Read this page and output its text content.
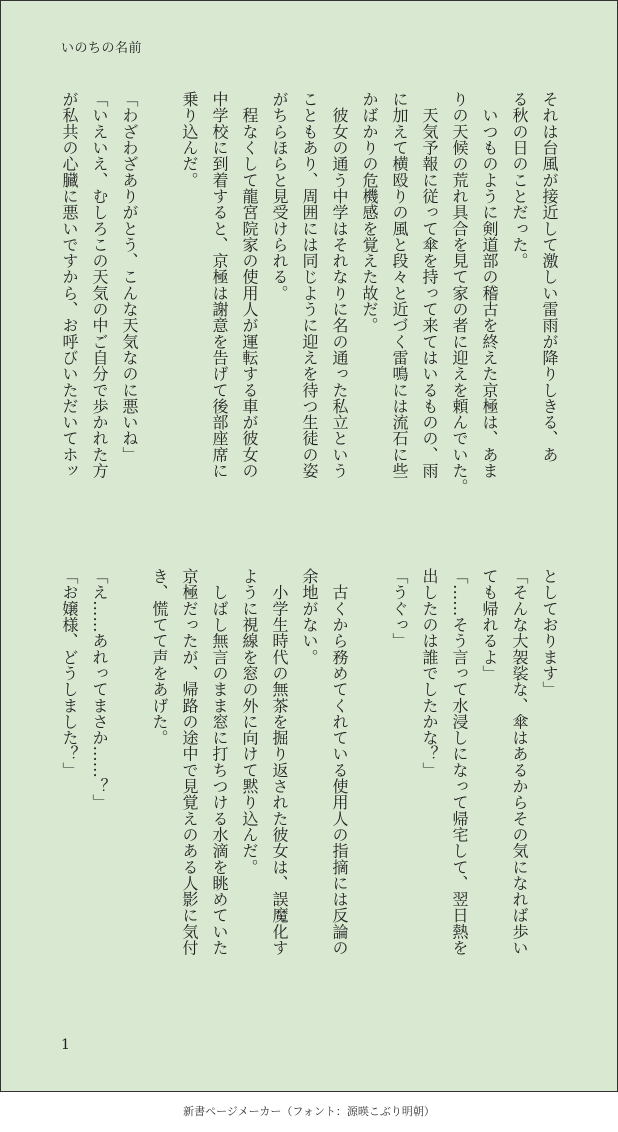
いのちの名前
それは台風が接近して激しい雷雨が降りしきる、あ
る秋の日のことだった。
　いつものように剣道部の稽古を終えた京極は、あま
りの天候の荒れ具合を見て家の者に迎えを頼んでいた。
　天気予報に従って傘を持って来てはいるものの、雨
に加えて横殴りの風と段々と近づく雷鳴には流石に些
かばかりの危機感を覚えた故だ。
　彼女の通う中学はそれなりに名の通った私立という
こともあり、周囲には同じように迎えを待つ生徒の姿
がちらほらと見受けられる。
　程なくして龍宮院家の使用人が運転する車が彼女の
中学校に到着すると、京極は謝意を告げて後部座席に
乗り込んだ。

「わざわざありがとう、こんな天気なのに悪いね」
「いえいえ、むしろこの天気の中ご自分で歩かれた方
が私共の心臓に悪いですから、お呼びいただいてホッ
としております」
「そんな大袈裟な、傘はあるからその気になれば歩い
ても帰れるよ」
「……そう言って水浸しになって帰宅して、翌日熱を
出したのは誰でしたかな？」
「うぐっ」

　古くから務めてくれている使用人の指摘には反論の
余地がない。
　小学生時代の無茶を掘り返された彼女は、誤魔化す
ように視線を窓の外に向けて黙り込んだ。
　しばし無言のまま窓に打ちつける水滴を眺めていた
京極だったが、帰路の途中で見覚えのある人影に気付
き、慌てて声をあげた。

「え……あれってまさか……？」
「お嬢様、どうしました？」
1
新書ページメーカー（フォント：源暎こぶり明朝）
